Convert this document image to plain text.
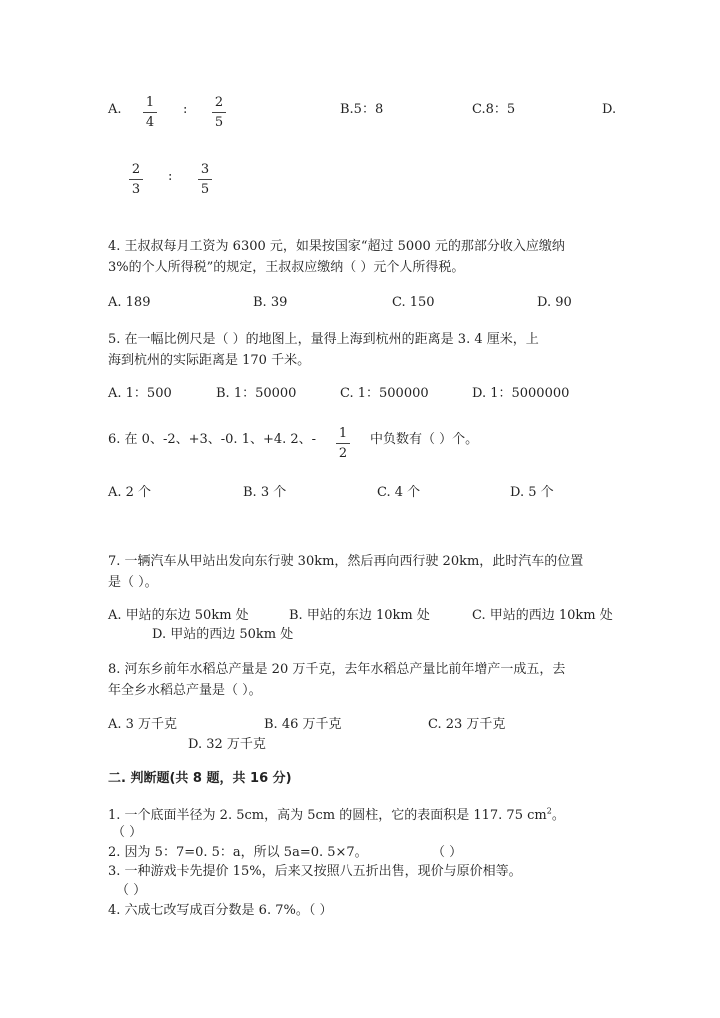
A. 1
4
: 2
5
B.5：8	C.8：5	D.
2
3
: 3
5
4. 王叔叔每月工资为 6300 元，如果按国家“超过 5000 元的那部分收入应缴纳
3%的个人所得税”的规定，王叔叔应缴纳（ ）元个人所得税。
A. 189	B. 39	C. 150	D. 90
5. 在一幅比例尺是（ ）的地图上，量得上海到杭州的距离是 3. 4 厘米，上
海到杭州的实际距离是 170 千米。
A. 1：500	B. 1：50000	C. 1：500000	D. 1：5000000
6. 在 0、-2、+3、-0. 1、+4. 2、- 1
2
中负数有（ ）个。
A. 2 个	B. 3 个	C. 4 个	D. 5 个
7. 一辆汽车从甲站出发向东行驶 30km，然后再向西行驶 20km，此时汽车的位置
是（ ）。
A. 甲站的东边 50km 处	B. 甲站的东边 10km 处	C. 甲站的西边 10km 处
D. 甲站的西边 50km 处
8. 河东乡前年水稻总产量是 20 万千克，去年水稻总产量比前年增产一成五，去
年全乡水稻总产量是（ ）。
A. 3 万千克	B. 46 万千克	C. 23 万千克
D. 32 万千克
二. 判断题(共 8 题，共 16 分)
1. 一个底面半径为 2. 5cm，高为 5cm 的圆柱，它的表面积是 117. 75 $cm^2$。
（ ）
2. 因为 5：7=0. 5：a，所以 5a=0. 5×7。	（ ）
3. 一种游戏卡先提价 15%，后来又按照八五折出售，现价与原价相等。
（ ）
4. 六成七改写成百分数是 6. 7%。（ ）
